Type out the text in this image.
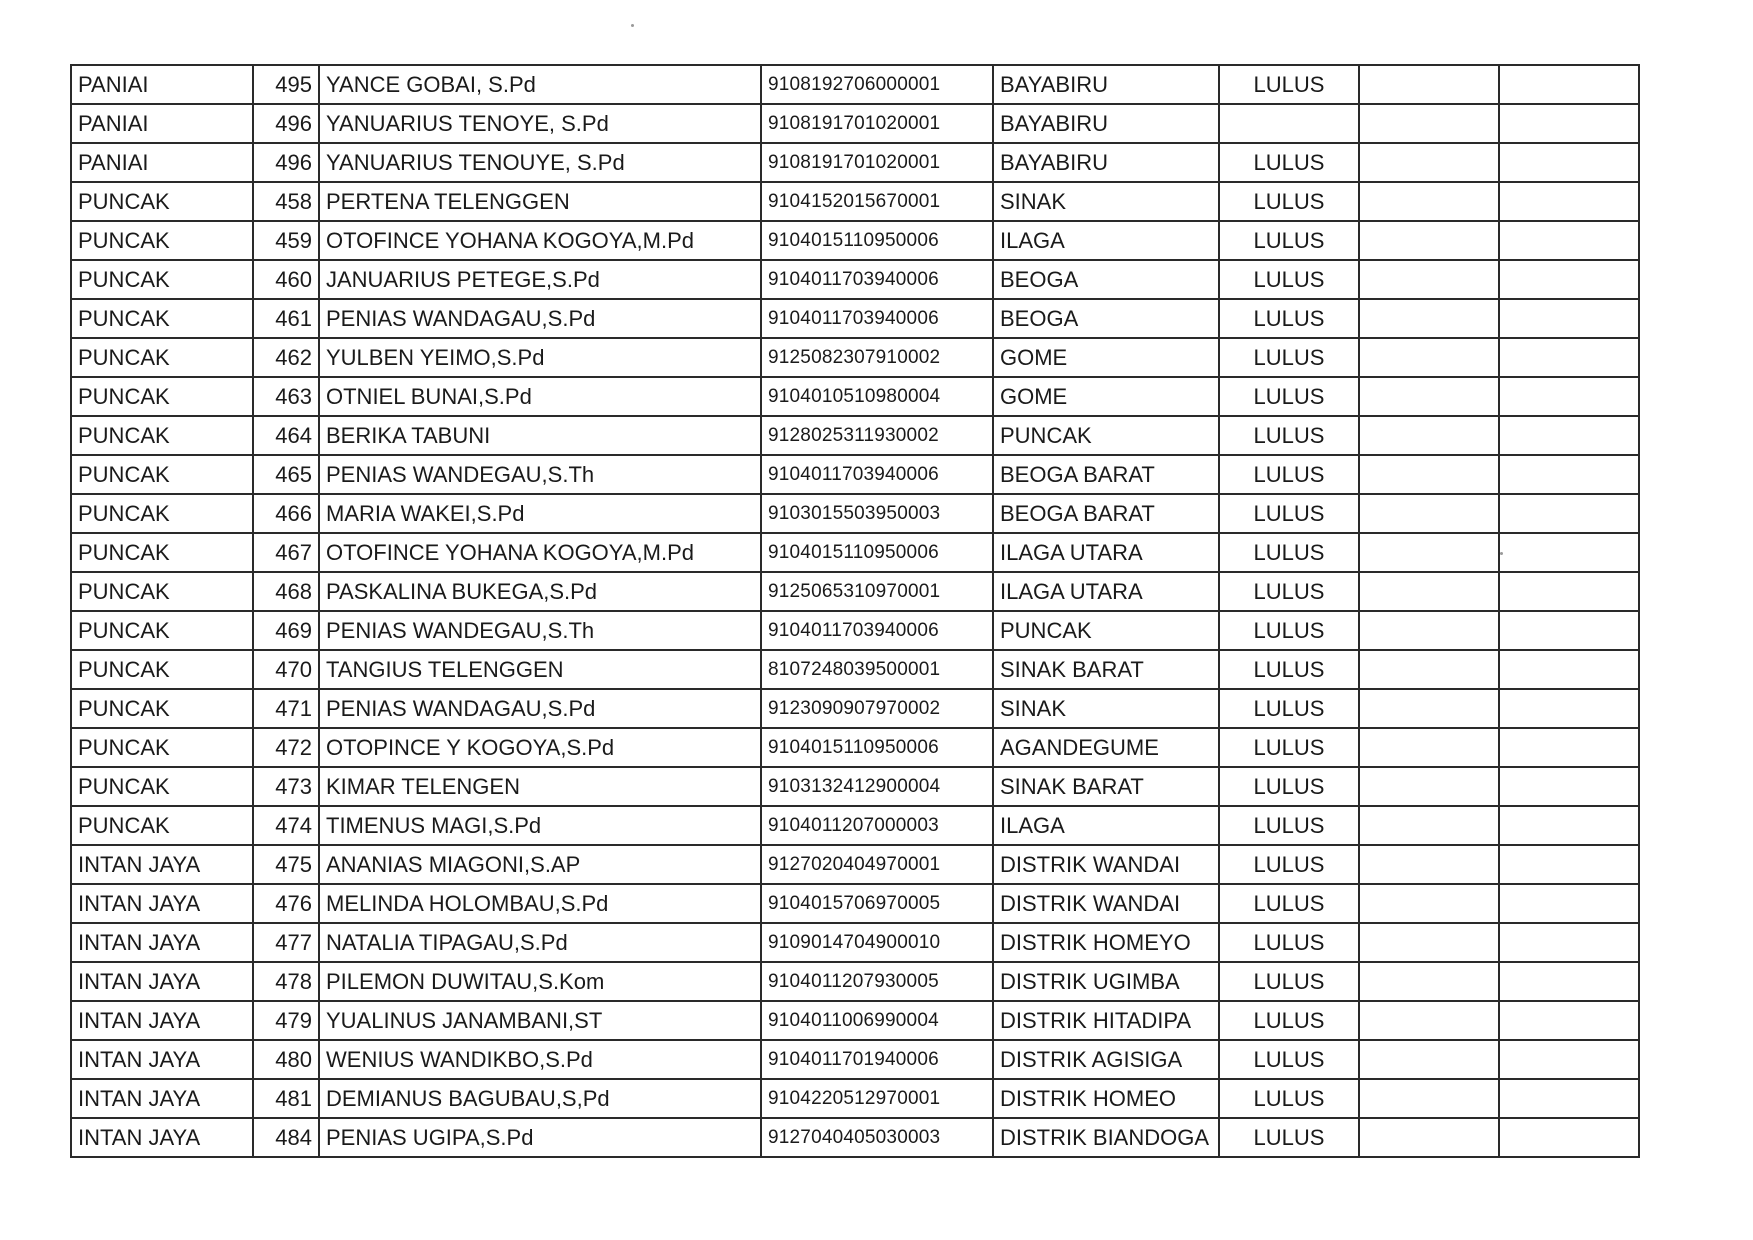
PANIAI	495	YANCE GOBAI, S.Pd	9108192706000001	BAYABIRU	LULUS		
PANIAI	496	YANUARIUS TENOYE, S.Pd	9108191701020001	BAYABIRU			
PANIAI	496	YANUARIUS TENOUYE, S.Pd	9108191701020001	BAYABIRU	LULUS		
PUNCAK	458	PERTENA TELENGGEN	9104152015670001	SINAK	LULUS		
PUNCAK	459	OTOFINCE YOHANA KOGOYA,M.Pd	9104015110950006	ILAGA	LULUS		
PUNCAK	460	JANUARIUS PETEGE,S.Pd	9104011703940006	BEOGA	LULUS		
PUNCAK	461	PENIAS WANDAGAU,S.Pd	9104011703940006	BEOGA	LULUS		
PUNCAK	462	YULBEN YEIMO,S.Pd	9125082307910002	GOME	LULUS		
PUNCAK	463	OTNIEL BUNAI,S.Pd	9104010510980004	GOME	LULUS		
PUNCAK	464	BERIKA TABUNI	9128025311930002	PUNCAK	LULUS		
PUNCAK	465	PENIAS WANDEGAU,S.Th	9104011703940006	BEOGA BARAT	LULUS		
PUNCAK	466	MARIA WAKEI,S.Pd	9103015503950003	BEOGA BARAT	LULUS		
PUNCAK	467	OTOFINCE YOHANA KOGOYA,M.Pd	9104015110950006	ILAGA UTARA	LULUS		
PUNCAK	468	PASKALINA BUKEGA,S.Pd	9125065310970001	ILAGA UTARA	LULUS		
PUNCAK	469	PENIAS WANDEGAU,S.Th	9104011703940006	PUNCAK	LULUS		
PUNCAK	470	TANGIUS TELENGGEN	8107248039500001	SINAK BARAT	LULUS		
PUNCAK	471	PENIAS WANDAGAU,S.Pd	9123090907970002	SINAK	LULUS		
PUNCAK	472	OTOPINCE Y KOGOYA,S.Pd	9104015110950006	AGANDEGUME	LULUS		
PUNCAK	473	KIMAR TELENGEN	9103132412900004	SINAK BARAT	LULUS		
PUNCAK	474	TIMENUS MAGI,S.Pd	9104011207000003	ILAGA	LULUS		
INTAN JAYA	475	ANANIAS MIAGONI,S.AP	9127020404970001	DISTRIK WANDAI	LULUS		
INTAN JAYA	476	MELINDA HOLOMBAU,S.Pd	9104015706970005	DISTRIK WANDAI	LULUS		
INTAN JAYA	477	NATALIA TIPAGAU,S.Pd	9109014704900010	DISTRIK HOMEYO	LULUS		
INTAN JAYA	478	PILEMON DUWITAU,S.Kom	9104011207930005	DISTRIK UGIMBA	LULUS		
INTAN JAYA	479	YUALINUS JANAMBANI,ST	9104011006990004	DISTRIK HITADIPA	LULUS		
INTAN JAYA	480	WENIUS WANDIKBO,S.Pd	9104011701940006	DISTRIK AGISIGA	LULUS		
INTAN JAYA	481	DEMIANUS BAGUBAU,S,Pd	9104220512970001	DISTRIK HOMEO	LULUS		
INTAN JAYA	484	PENIAS UGIPA,S.Pd	9127040405030003	DISTRIK BIANDOGA	LULUS		
